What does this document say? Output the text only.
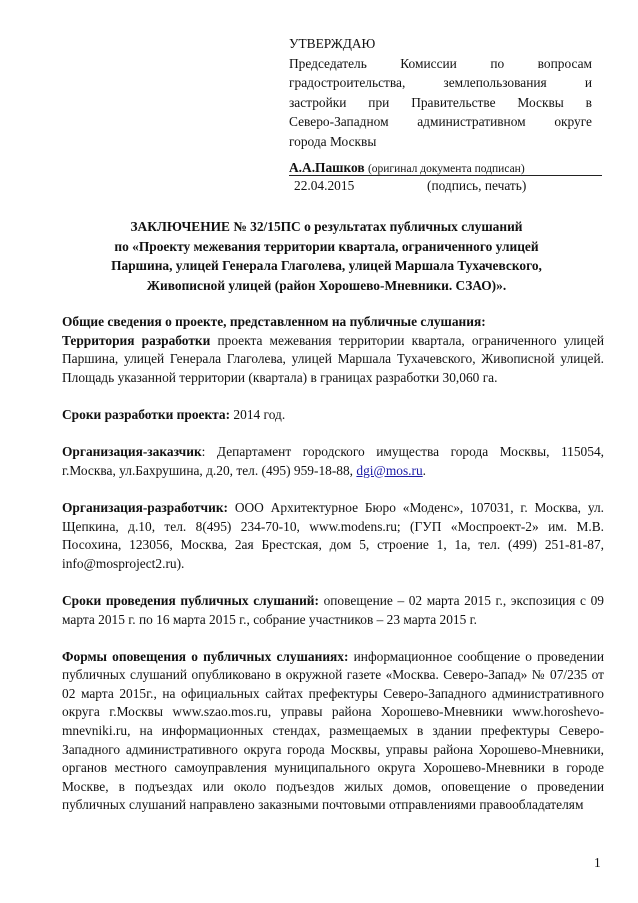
УТВЕРЖДАЮ
Председатель Комиссии по вопросам
градостроительства, землепользования и
застройки при Правительстве Москвы в
Северо-Западном административном округе
города Москвы
А.А.Пашков (оригинал документа подписан)
22.04.2015	(подпись, печать)
ЗАКЛЮЧЕНИЕ № 32/15ПС о результатах публичных слушаний
по «Проекту межевания территории квартала, ограниченного улицей
Паршина, улицей Генерала Глаголева, улицей Маршала Тухачевского,
Живописной улицей (район Хорошево-Мневники. СЗАО)».

Общие сведения о проекте, представленном на публичные слушания:

Территория разработки проекта межевания территории квартала, ограниченного улицей Паршина, улицей Генерала Глаголева, улицей Маршала Тухачевского, Живописной улицей. Площадь указанной территории (квартала) в границах разработки 30,060 га.

Сроки разработки проекта: 2014 год.

Организация-заказчик: Департамент городского имущества города Москвы, 115054, г.Москва, ул.Бахрушина, д.20, тел. (495) 959-18-88, dgi@mos.ru.

Организация-разработчик: ООО Архитектурное Бюро «Моденс», 107031, г. Москва, ул. Щепкина, д.10, тел. 8(495) 234-70-10, www.modens.ru; (ГУП «Моспроект-2» им. М.В. Посохина, 123056, Москва, 2ая Брестская, дом 5, строение 1, 1а, тел. (499) 251-81-87, info@mosproject2.ru).

Сроки проведения публичных слушаний: оповещение – 02 марта 2015 г., экспозиция с 09 марта 2015 г. по 16 марта 2015 г., собрание участников – 23 марта 2015 г.

Формы оповещения о публичных слушаниях: информационное сообщение о проведении публичных слушаний опубликовано в окружной газете «Москва. Северо-Запад» № 07/235 от 02 марта 2015г., на официальных сайтах префектуры Северо-Западного административного округа г.Москвы www.szao.mos.ru, управы района Хорошево-Мневники www.horoshevo-mnevniki.ru, на информационных стендах, размещаемых в здании префектуры Северо-Западного административного округа города Москвы, управы района Хорошево-Мневники, органов местного самоуправления муниципального округа Хорошево-Мневники в городе Москве, в подъездах или около подъездов жилых домов, оповещение о проведении публичных слушаний направлено заказными почтовыми отправлениями правообладателям

1
